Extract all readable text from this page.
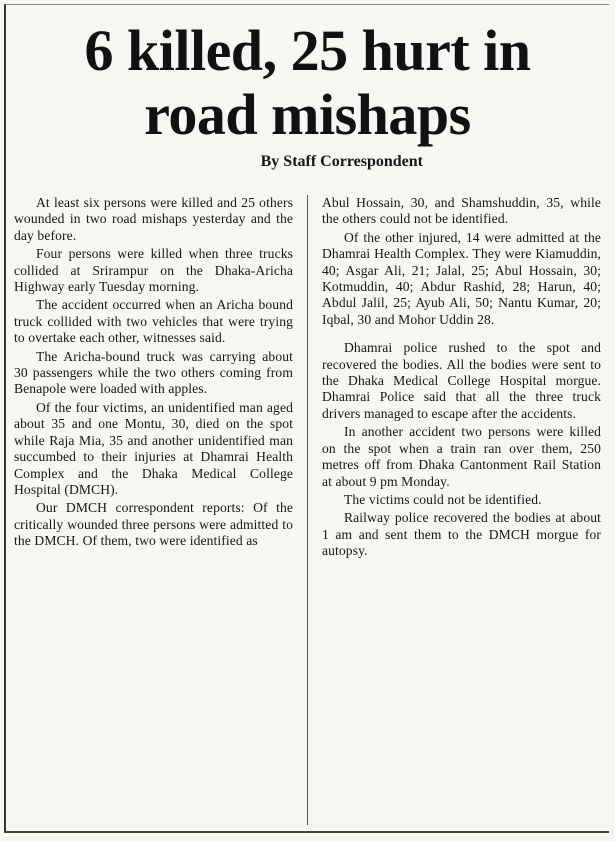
6 killed, 25 hurt in
road mishaps
By Staff Correspondent

At least six persons were killed and 25 others wounded in two road mishaps yesterday and the day before.

Four persons were killed when three trucks collided at Srirampur on the Dhaka-Aricha Highway early Tuesday morning.

The accident occurred when an Aricha bound truck collided with two vehicles that were trying to overtake each other, witnesses said.

The Aricha-bound truck was carrying about 30 passengers while the two others coming from Benapole were loaded with apples.

Of the four victims, an unidentified man aged about 35 and one Montu, 30, died on the spot while Raja Mia, 35 and another unidentified man succumbed to their injuries at Dhamrai Health Complex and the Dhaka Medical College Hospital (DMCH).

Our DMCH correspondent reports: Of the critically wounded three persons were admitted to the DMCH. Of them, two were identified as

Abul Hossain, 30, and Shamshuddin, 35, while the others could not be identified.

Of the other injured, 14 were admitted at the Dhamrai Health Complex. They were Kiamuddin, 40; Asgar Ali, 21; Jalal, 25; Abul Hossain, 30; Kotmuddin, 40; Abdur Rashid, 28; Harun, 40; Abdul Jalil, 25; Ayub Ali, 50; Nantu Kumar, 20; Iqbal, 30 and Mohor Uddin 28.

Dhamrai police rushed to the spot and recovered the bodies. All the bodies were sent to the Dhaka Medical College Hospital morgue. Dhamrai Police said that all the three truck drivers managed to escape after the accidents.

In another accident two persons were killed on the spot when a train ran over them, 250 metres off from Dhaka Cantonment Rail Station at about 9 pm Monday.

The victims could not be identified.

Railway police recovered the bodies at about 1 am and sent them to the DMCH morgue for autopsy.
